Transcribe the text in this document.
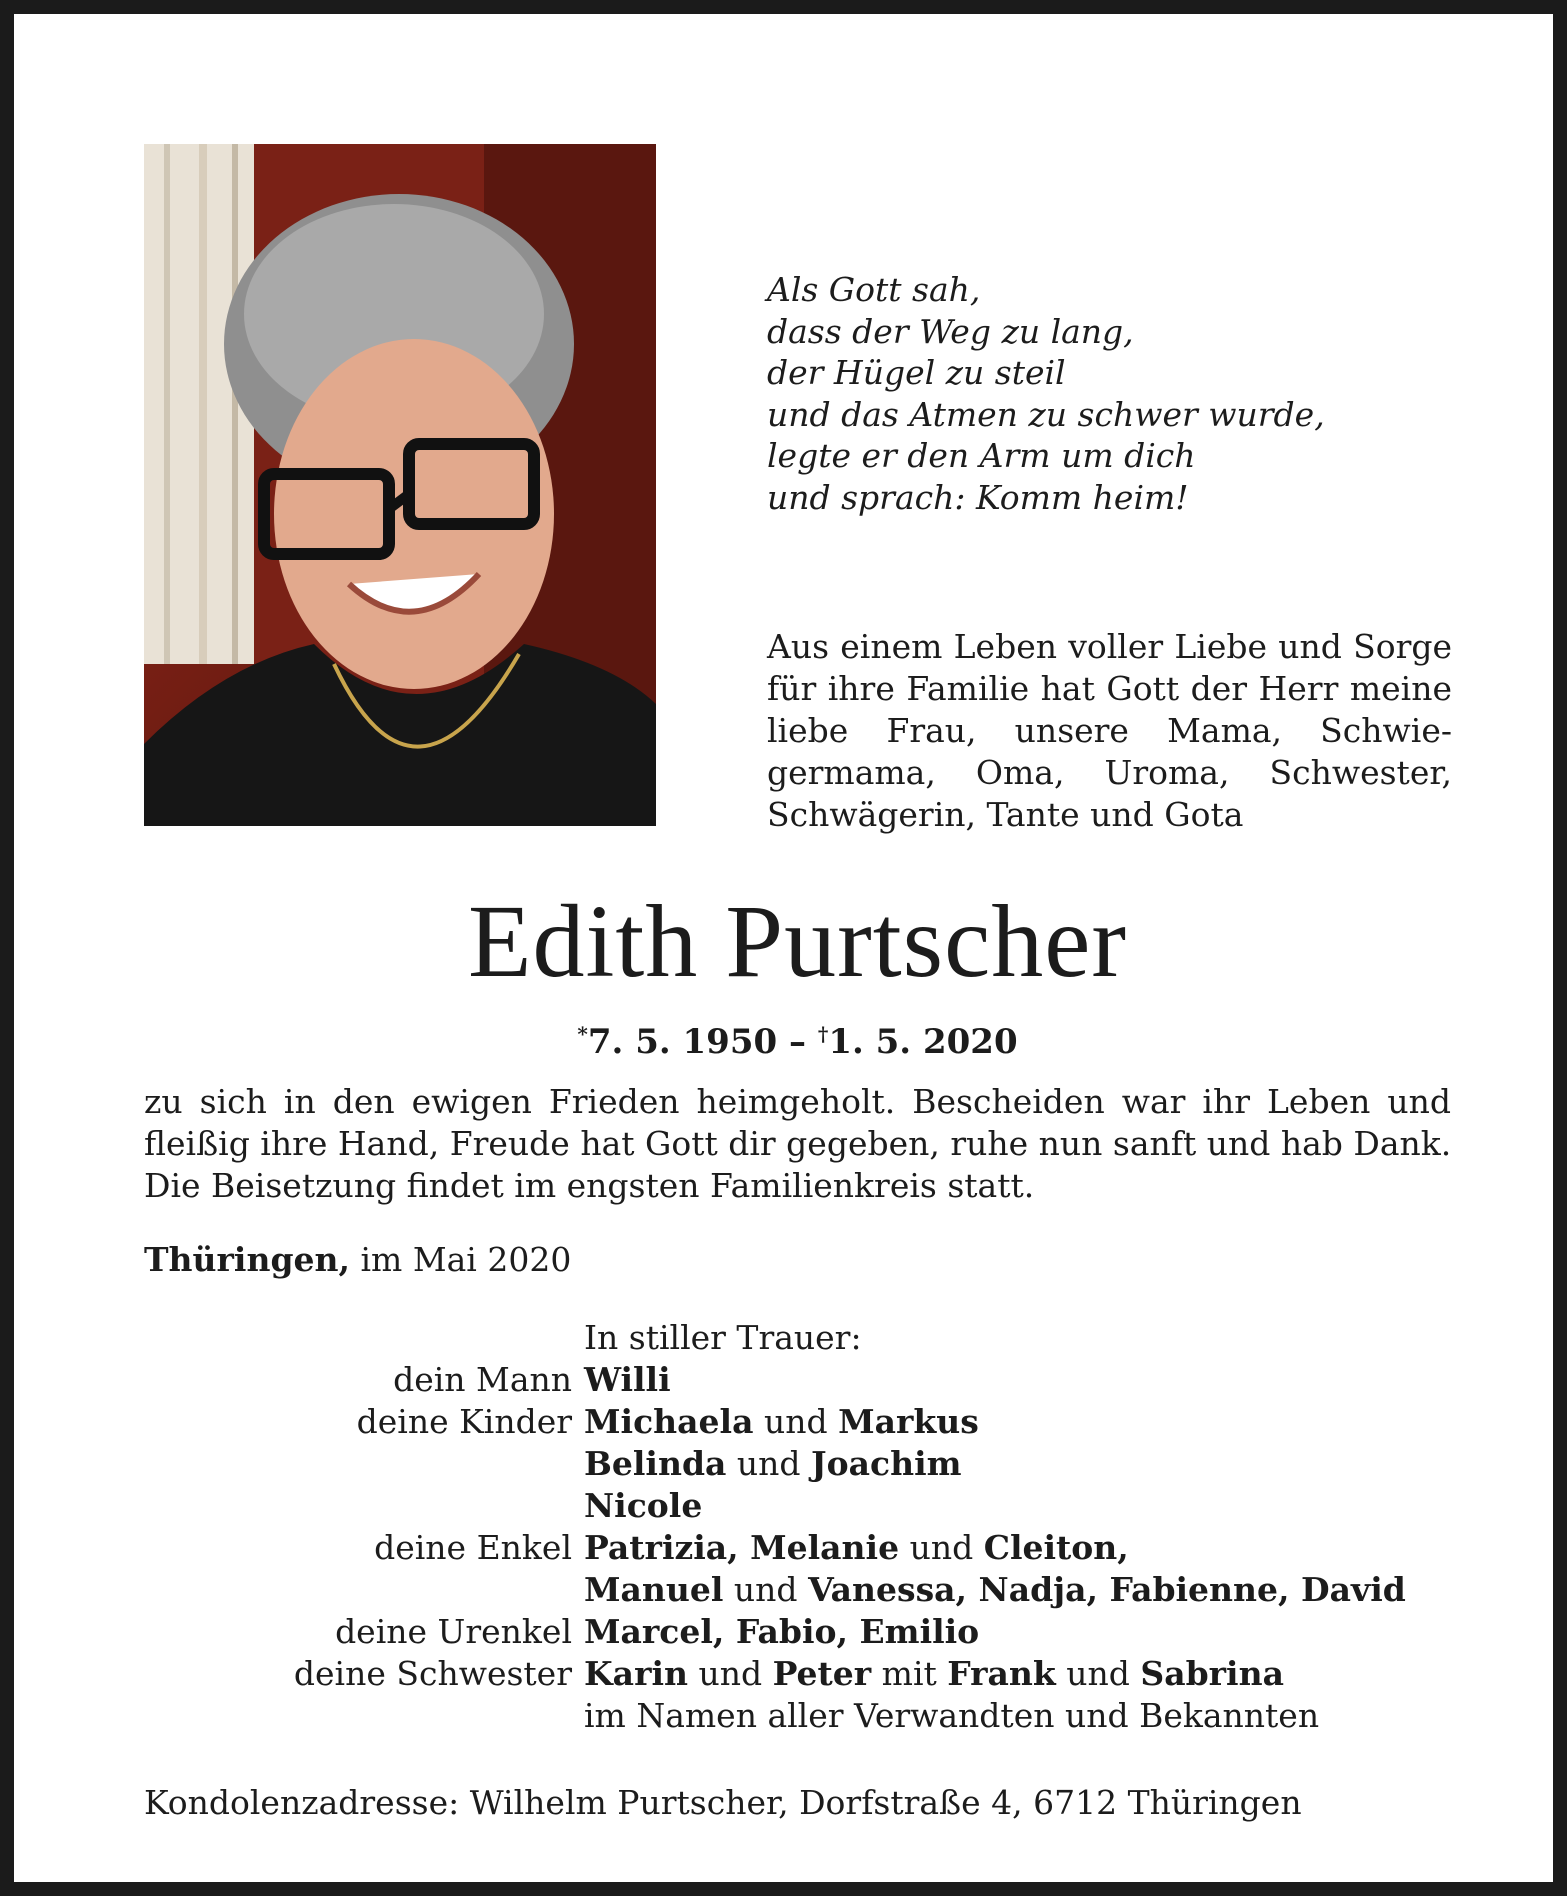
Als Gott sah,
dass der Weg zu lang,
der Hügel zu steil
und das Atmen zu schwer wurde,
legte er den Arm um dich
und sprach: Komm heim!
Aus einem Leben voller Liebe und Sorge
für ihre Familie hat Gott der Herr meine
liebe Frau, unsere Mama, Schwie-
germama, Oma, Uroma, Schwester,
Schwägerin, Tante und Gota
Edith Purtscher
*7. 5. 1950 – †1. 5. 2020
zu sich in den ewigen Frieden heimgeholt. Bescheiden war ihr Leben und
fleißig ihre Hand, Freude hat Gott dir gegeben, ruhe nun sanft und hab Dank.
Die Beisetzung findet im engsten Familienkreis statt.
Thüringen, im Mai 2020
In stiller Trauer:
dein Mann Willi
deine Kinder Michaela und Markus
Belinda und Joachim
Nicole
deine Enkel Patrizia, Melanie und Cleiton,
Manuel und Vanessa, Nadja, Fabienne, David
deine Urenkel Marcel, Fabio, Emilio
deine Schwester Karin und Peter mit Frank und Sabrina
im Namen aller Verwandten und Bekannten
Kondolenzadresse: Wilhelm Purtscher, Dorfstraße 4, 6712 Thüringen
